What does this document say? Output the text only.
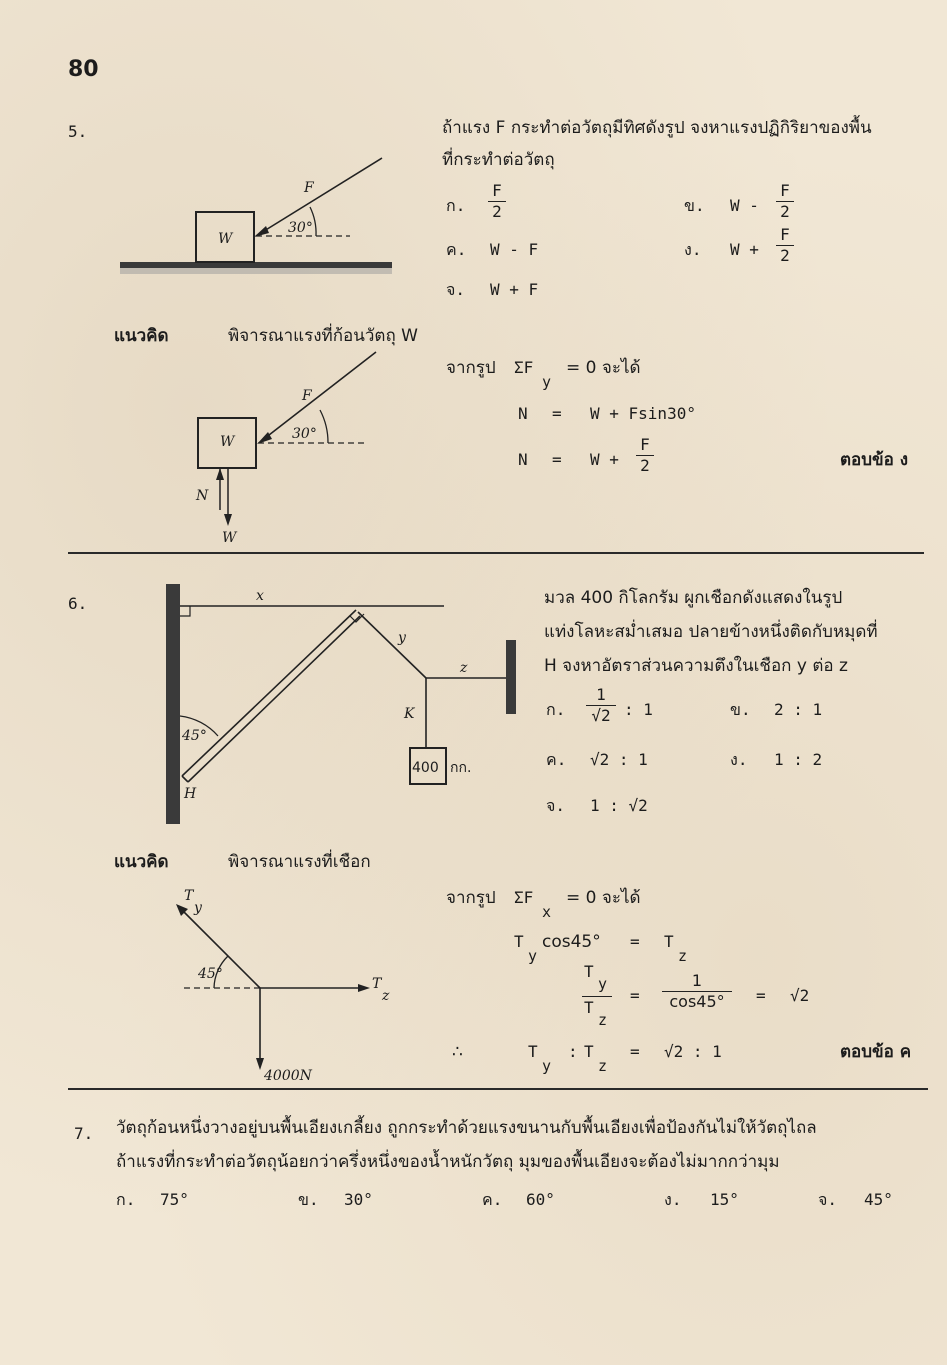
80
5.	ถ้าแรง F กระทำต่อวัตถุมีทิศดังรูป จงหาแรงปฏิกิริยาของพื้น
ที่กระทำต่อวัตถุ
W
F
30°
ก.
F
2	ข. W -
F
2
ค. W - F	ง. W +
F
2
จ. W + F
แนวคิด	พิจารณาแรงที่ก้อนวัตถุ W
W
F
30°
N
W
จากรูป ΣF
y
= 0 จะได้
N = W + Fsin30°
N = W +
F
2	ตอบข้อ ง
6.	มวล 400 กิโลกรัม ผูกเชือกดังแสดงในรูป
แท่งโลหะสม่ำเสมอ ปลายข้างหนึ่งติดกับหมุดที่
H จงหาอัตราส่วนความตึงในเชือก y ต่อ z
x
y
z
K
H
45°
400 กก.
ก.
1
√2 : 1	ข. 2 : 1
ค. √2 : 1	ง. 1 : 2
จ. 1 : √2
แนวคิด	พิจารณาแรงที่เชือก
T
y
T
z
45°
4000N
จากรูป ΣF
x
= 0 จะได้
T
y
cos45° = T
z
T
y
T
z
=
1
cos45°	= √2
∴	T
y
: T
z
= √2 : 1	ตอบข้อ ค
7. วัตถุก้อนหนึ่งวางอยู่บนพื้นเอียงเกลี้ยง ถูกกระทำด้วยแรงขนานกับพื้นเอียงเพื่อป้องกันไม่ให้วัตถุไถล
ถ้าแรงที่กระทำต่อวัตถุน้อยกว่าครึ่งหนึ่งของน้ำหนักวัตถุ มุมของพื้นเอียงจะต้องไม่มากกว่ามุม
ก. 75°	ข. 30°	ค. 60°	ง. 15°	จ. 45°
